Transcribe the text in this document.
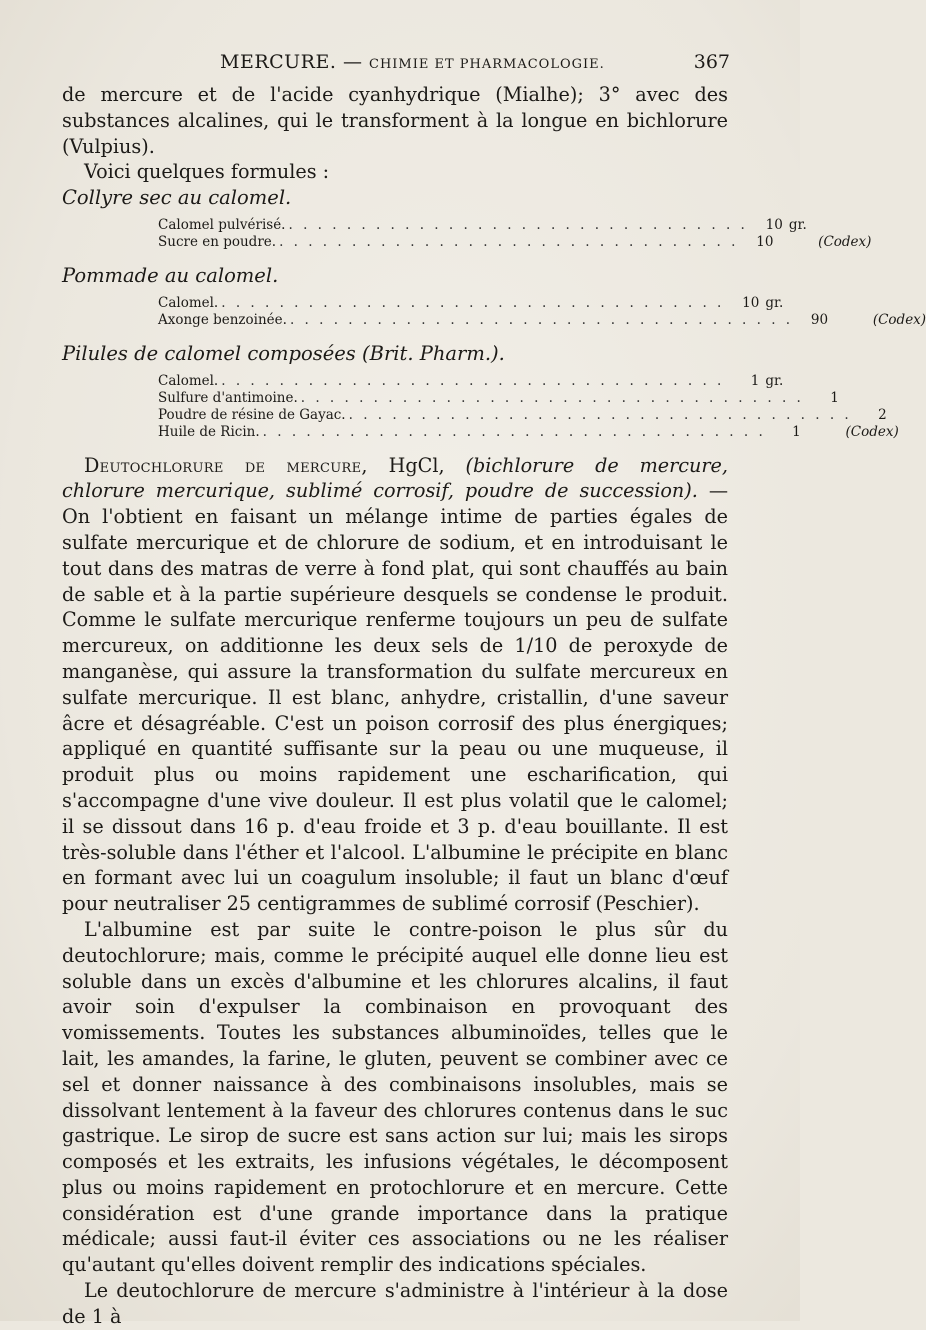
MERCURE. — CHIMIE ET PHARMACOLOGIE.	367

de mercure et de l'acide cyanhydrique (Mialhe); 3° avec des substances alcalines, qui le transforment à la longue en bichlorure (Vulpius).

Voici quelques formules :

Collyre sec au calomel.

Calomel pulvérisé. . . . . . . . . . . . . . . . . . . . . . . . . . . . . . . . .	10 gr.
Sucre en poudre. . . . . . . . . . . . . . . . . . . . . . . . . . . . . . . . .	10	(Codex)

Pommade au calomel.

Calomel. . . . . . . . . . . . . . . . . . . . . . . . . . . . . . . . . . . .	10 gr.
Axonge benzoinée. . . . . . . . . . . . . . . . . . . . . . . . . . . . . . . . . . . .	90	(Codex)

Pilules de calomel composées (Brit. Pharm.).

Calomel. . . . . . . . . . . . . . . . . . . . . . . . . . . . . . . . . . . .	1 gr.
Sulfure d'antimoine. . . . . . . . . . . . . . . . . . . . . . . . . . . . . . . . . . . .	1
Poudre de résine de Gayac. . . . . . . . . . . . . . . . . . . . . . . . . . . . . . . . . . . .	2
Huile de Ricin. . . . . . . . . . . . . . . . . . . . . . . . . . . . . . . . . . . .	1	(Codex)

Deutochlorure de mercure, HgCl, (bichlorure de mercure, chlorure mercurique, sublimé corrosif, poudre de succession). — On l'obtient en faisant un mélange intime de parties égales de sulfate mercurique et de chlorure de sodium, et en introduisant le tout dans des matras de verre à fond plat, qui sont chauffés au bain de sable et à la partie supérieure desquels se condense le produit. Comme le sulfate mercurique renferme toujours un peu de sulfate mercureux, on additionne les deux sels de 1/10 de peroxyde de manganèse, qui assure la transformation du sulfate mercureux en sulfate mercurique. Il est blanc, anhydre, cristallin, d'une saveur âcre et désagréable. C'est un poison corrosif des plus énergiques; appliqué en quantité suffisante sur la peau ou une muqueuse, il produit plus ou moins rapidement une escharification, qui s'accompagne d'une vive douleur. Il est plus volatil que le calomel; il se dissout dans 16 p. d'eau froide et 3 p. d'eau bouillante. Il est très-soluble dans l'éther et l'alcool. L'albumine le précipite en blanc en formant avec lui un coagulum insoluble; il faut un blanc d'œuf pour neutraliser 25 centigrammes de sublimé corrosif (Peschier).

L'albumine est par suite le contre-poison le plus sûr du deutochlorure; mais, comme le précipité auquel elle donne lieu est soluble dans un excès d'albumine et les chlorures alcalins, il faut avoir soin d'expulser la combinaison en provoquant des vomissements. Toutes les substances albuminoïdes, telles que le lait, les amandes, la farine, le gluten, peuvent se combiner avec ce sel et donner naissance à des combinaisons insolubles, mais se dissolvant lentement à la faveur des chlorures contenus dans le suc gastrique. Le sirop de sucre est sans action sur lui; mais les sirops composés et les extraits, les infusions végétales, le décomposent plus ou moins rapidement en protochlorure et en mercure. Cette considération est d'une grande importance dans la pratique médicale; aussi faut-il éviter ces associations ou ne les réaliser qu'autant qu'elles doivent remplir des indications spéciales.

Le deutochlorure de mercure s'administre à l'intérieur à la dose de 1 à
